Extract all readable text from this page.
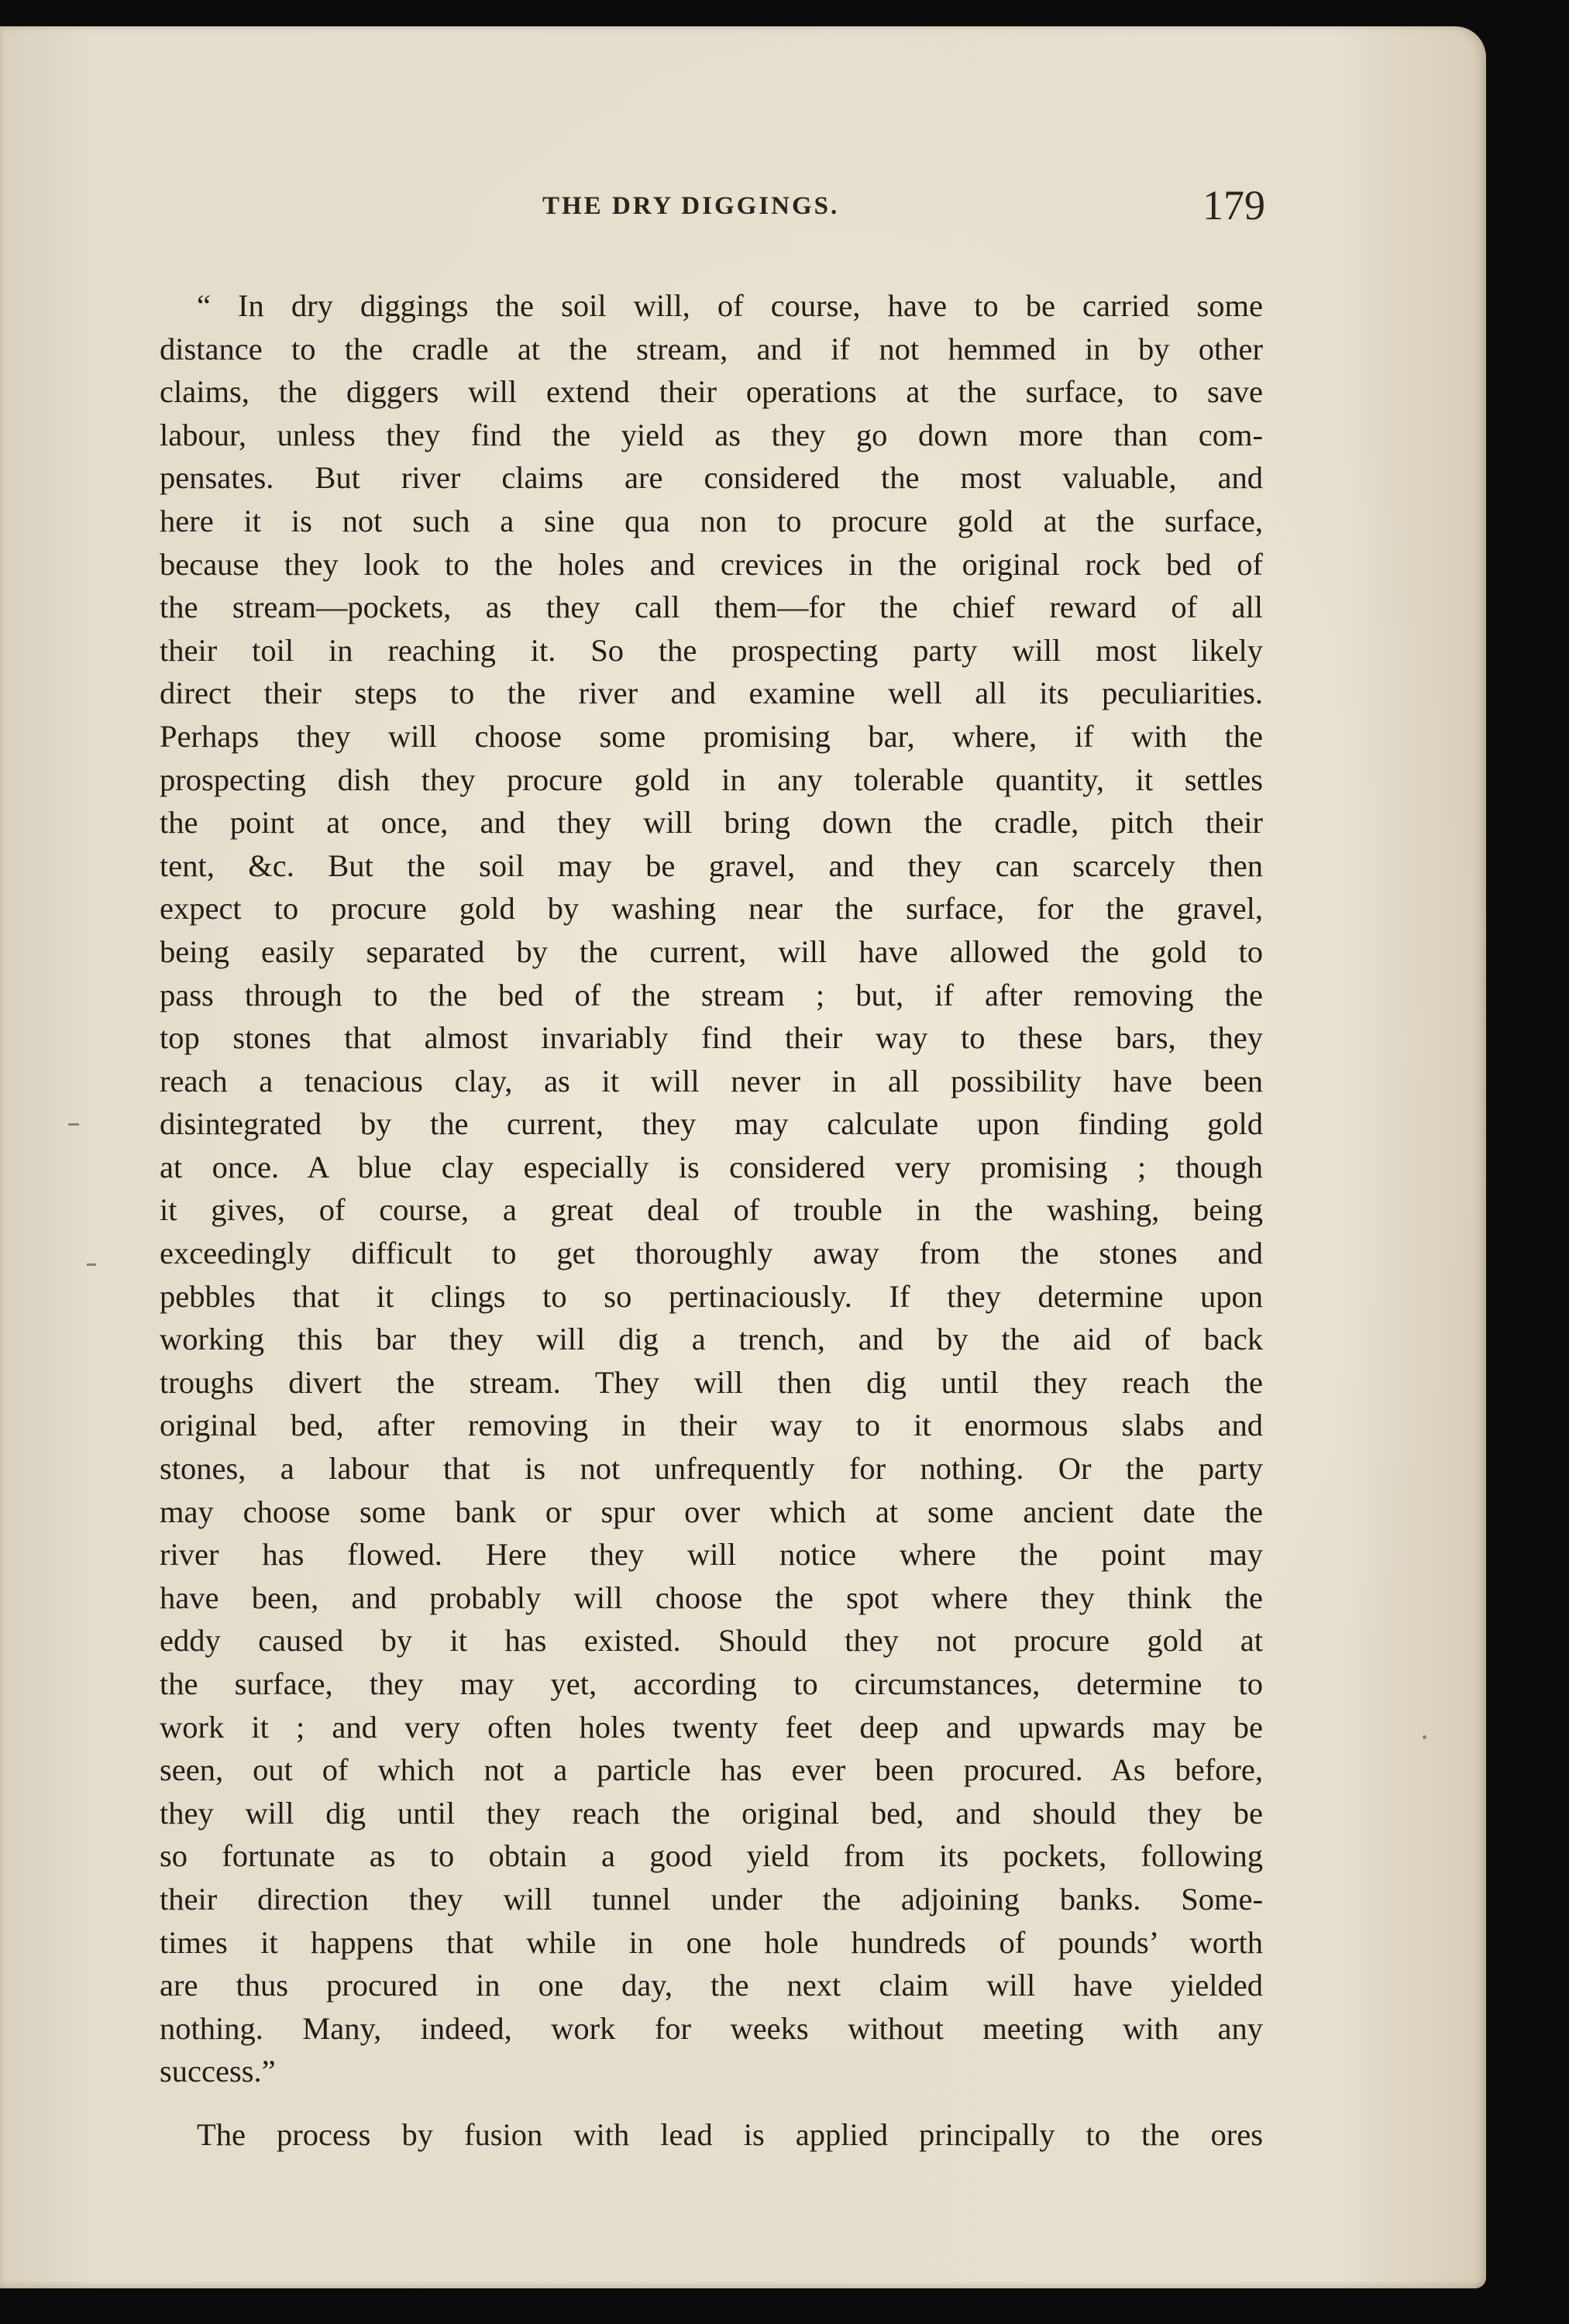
THE DRY DIGGINGS.	179
“ In dry diggings the soil will, of course, have to be carried some
distance to the cradle at the stream, and if not hemmed in by other
claims, the diggers will extend their operations at the surface, to save
labour, unless they find the yield as they go down more than com-
pensates. But river claims are considered the most valuable, and
here it is not such a sine qua non to procure gold at the surface,
because they look to the holes and crevices in the original rock bed of
the stream—pockets, as they call them—for the chief reward of all
their toil in reaching it. So the prospecting party will most likely
direct their steps to the river and examine well all its peculiarities.
Perhaps they will choose some promising bar, where, if with the
prospecting dish they procure gold in any tolerable quantity, it settles
the point at once, and they will bring down the cradle, pitch their
tent, &c. But the soil may be gravel, and they can scarcely then
expect to procure gold by washing near the surface, for the gravel,
being easily separated by the current, will have allowed the gold to
pass through to the bed of the stream ; but, if after removing the
top stones that almost invariably find their way to these bars, they
reach a tenacious clay, as it will never in all possibility have been
disintegrated by the current, they may calculate upon finding gold
at once. A blue clay especially is considered very promising ; though
it gives, of course, a great deal of trouble in the washing, being
exceedingly difficult to get thoroughly away from the stones and
pebbles that it clings to so pertinaciously. If they determine upon
working this bar they will dig a trench, and by the aid of back
troughs divert the stream. They will then dig until they reach the
original bed, after removing in their way to it enormous slabs and
stones, a labour that is not unfrequently for nothing. Or the party
may choose some bank or spur over which at some ancient date the
river has flowed. Here they will notice where the point may
have been, and probably will choose the spot where they think the
eddy caused by it has existed. Should they not procure gold at
the surface, they may yet, according to circumstances, determine to
work it ; and very often holes twenty feet deep and upwards may be
seen, out of which not a particle has ever been procured. As before,
they will dig until they reach the original bed, and should they be
so fortunate as to obtain a good yield from its pockets, following
their direction they will tunnel under the adjoining banks. Some-
times it happens that while in one hole hundreds of pounds’ worth
are thus procured in one day, the next claim will have yielded
nothing. Many, indeed, work for weeks without meeting with any
success.”
The process by fusion with lead is applied principally to the ores
